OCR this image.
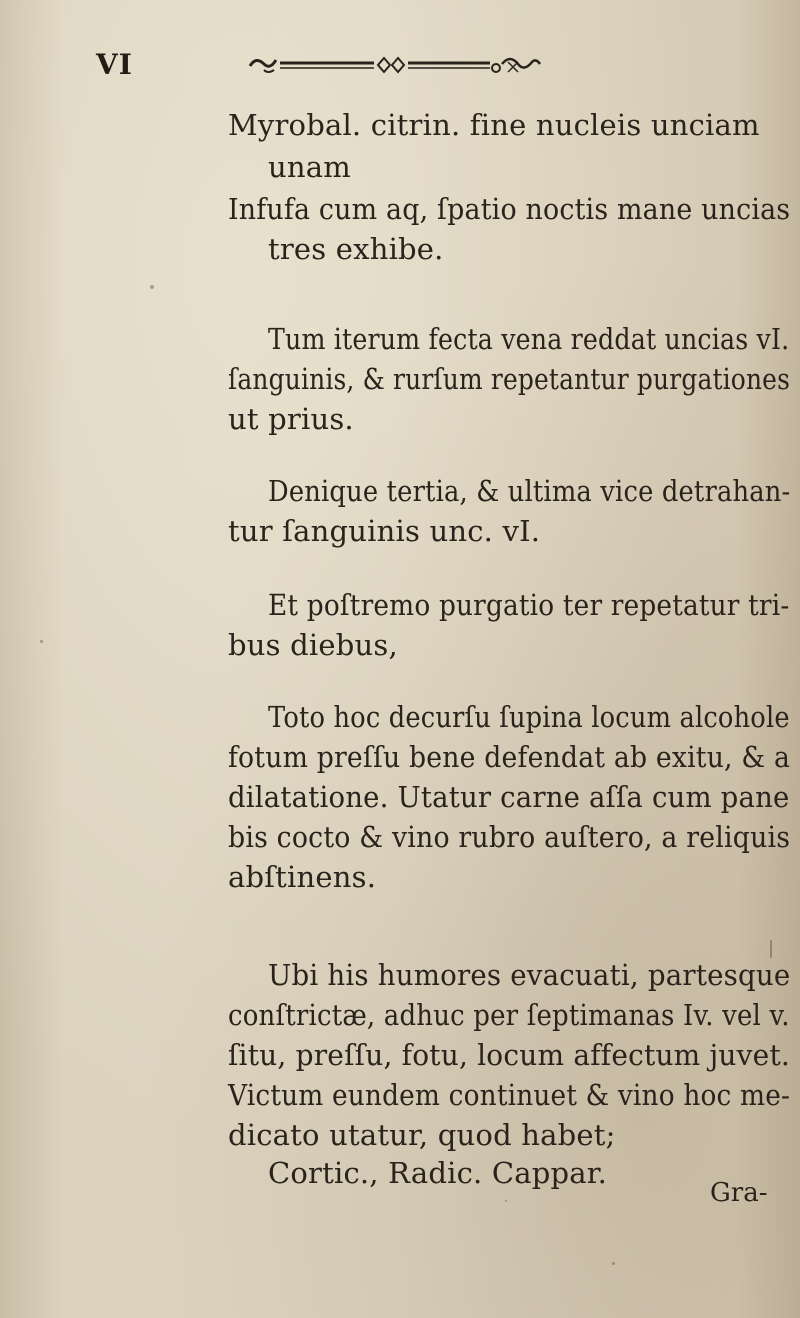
VI
Myrobal. citrin. fine nucleis unciam
unam
Infufa cum aq, ſpatio noctis mane uncias
tres exhibe.
Tum iterum fecta vena reddat uncias vI.
ſanguinis, & rurſum repetantur purgationes
ut prius.
Denique tertia, & ultima vice detrahan-
tur ſanguinis unc. vI.
Et poſtremo purgatio ter repetatur tri-
bus diebus,
Toto hoc decurſu ſupina locum alcohole
fotum preſſu bene defendat ab exitu, & a
dilatatione. Utatur carne aſſa cum pane
bis cocto & vino rubro auſtero, a reliquis
abſtinens.
Ubi his humores evacuati, partesque
conſtrictæ, adhuc per ſeptimanas Iv. vel v.
ſitu, preſſu, fotu, locum affectum juvet.
Victum eundem continuet & vino hoc me-
dicato utatur, quod habet;
Cortic., Radic. Cappar.
Gra-
